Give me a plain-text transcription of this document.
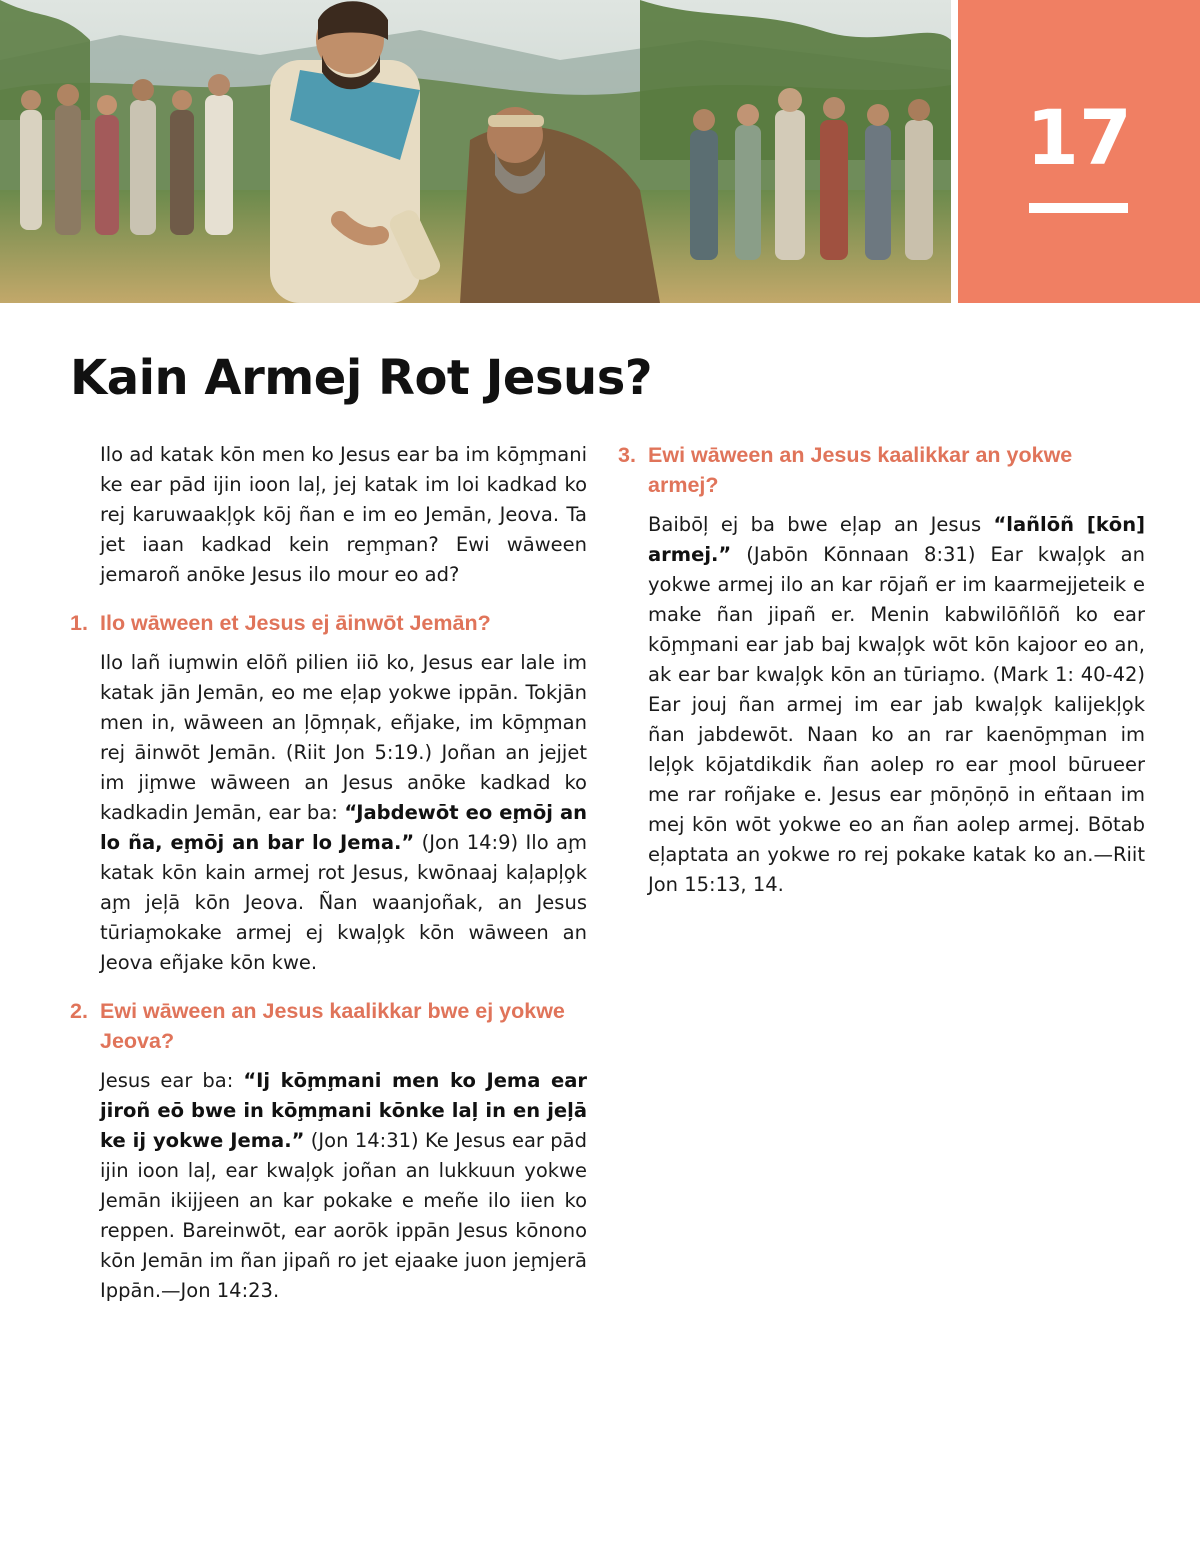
17
Kain Armej Rot Jesus?

Ilo ad katak kōn men ko Jesus ear ba im kōm̧m̧ani ke ear pād ijin ioon laļ, jej katak im loi kadkad ko rej karuwaakļo̧k kōj ñan e im eo Jemān, Jeova. Ta jet iaan kadkad kein rem̧m̧an? Ewi wāween jemaroñ anōke Jesus ilo mour eo ad?

1. Ilo wāween et Jesus ej āinwōt Jemān?

Ilo lañ ium̧win elōñ pilien iiō ko, Jesus ear lale im katak jān Jemān, eo me eļap yokwe ippān. Tokjān men in, wāween an ļōm̧ņak, eñjake, im kōm̧m̧an rej āinwōt Jemān. (Riit Jon 5:19.) Joñan an jejjet im jim̧we wāween an Jesus anōke kadkad ko kadkadin Jemān, ear ba: “Jabdewōt eo em̧ōj an lo ña, em̧ōj an bar lo Jema.” (Jon 14:9) Ilo am̧ katak kōn kain armej rot Jesus, kwōnaaj kaļapļo̧k am̧ jeļā kōn Jeova. Ñan waanjoñak, an Jesus tūriam̧okake armej ej kwaļo̧k kōn wāween an Jeova eñjake kōn kwe.

2. Ewi wāween an Jesus kaalikkar bwe ej yokwe Jeova?

Jesus ear ba: “Ij kōm̧m̧ani men ko Jema ear jiroñ eō bwe in kōm̧m̧ani kōnke laļ in en jeļā ke ij yokwe Jema.” (Jon 14:31) Ke Jesus ear pād ijin ioon laļ, ear kwaļo̧k joñan an lukkuun yokwe Jemān ikijjeen an kar pokake e meñe ilo iien ko reppen. Bareinwōt, ear aorōk ippān Jesus kōnono kōn Jemān im ñan jipañ ro jet ejaake juon jem̧jerā Ippān.—Jon 14:23.

3. Ewi wāween an Jesus kaalikkar an yokwe armej?

Baibōļ ej ba bwe eļap an Jesus “lañlōñ [kōn] armej.” (Jabōn Kōnnaan 8:31) Ear kwaļo̧k an yokwe armej ilo an kar rōjañ er im kaarmejjeteik e make ñan jipañ er. Menin kabwilōñlōñ ko ear kōm̧m̧ani ear jab baj kwaļo̧k wōt kōn kajoor eo an, ak ear bar kwaļo̧k kōn an tūriam̧o. (Mark 1: 40-42) Ear jouj ñan armej im ear jab kwaļo̧k kalijekļo̧k ñan jabdewōt. Naan ko an rar kaenōm̧m̧an im leļo̧k kōjatdikdik ñan aolep ro ear m̧ool būrueer me rar roñjake e. Jesus ear m̧ōņōņō in eñtaan im mej kōn wōt yokwe eo an ñan aolep armej. Bōtab eļaptata an yokwe ro rej pokake katak ko an.—Riit Jon 15:13, 14.
